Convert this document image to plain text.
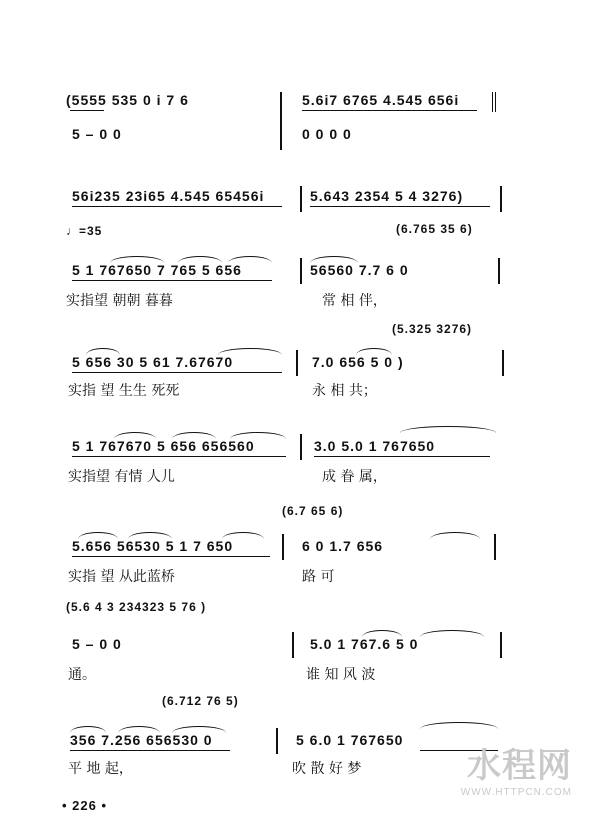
(5555 535 0 i 7 6	5.6i7 6765 4.545 656i
5 – 0 0	0 0 0 0
56i235 23i65 4.545 65456i	5.643 2354 5 4 3276)
♩=35	(6.765 35 6)
5 1 767650 7 765 5 656	56560 7.7 6 0
实指望 朝朝 暮暮	常 相 伴，
(5.325 3276)
5 656 30 5 61 7.67670	7.0 656 5 0 )
实指 望 生生 死死	永 相 共；
5 1 767670 5 656 656560	3.0 5.0 1 767650
实指望 有情 人儿	成 眷 属，
(6.7 65 6)
5.656 56530 5 1 7 650	6 0 1.7 656
实指 望 从此蓝桥	路 可
(5.6 4 3 234323 5 76 )
5 – 0 0	5.0 1 767.6 5 0
通。	谁 知 风 波
(6.712 76 5)
356 7.256 656530 0	5 6.0 1 767650
平 地 起，	吹 散 好 梦
• 226 •
水程网
WWW.HTTPCN.COM
